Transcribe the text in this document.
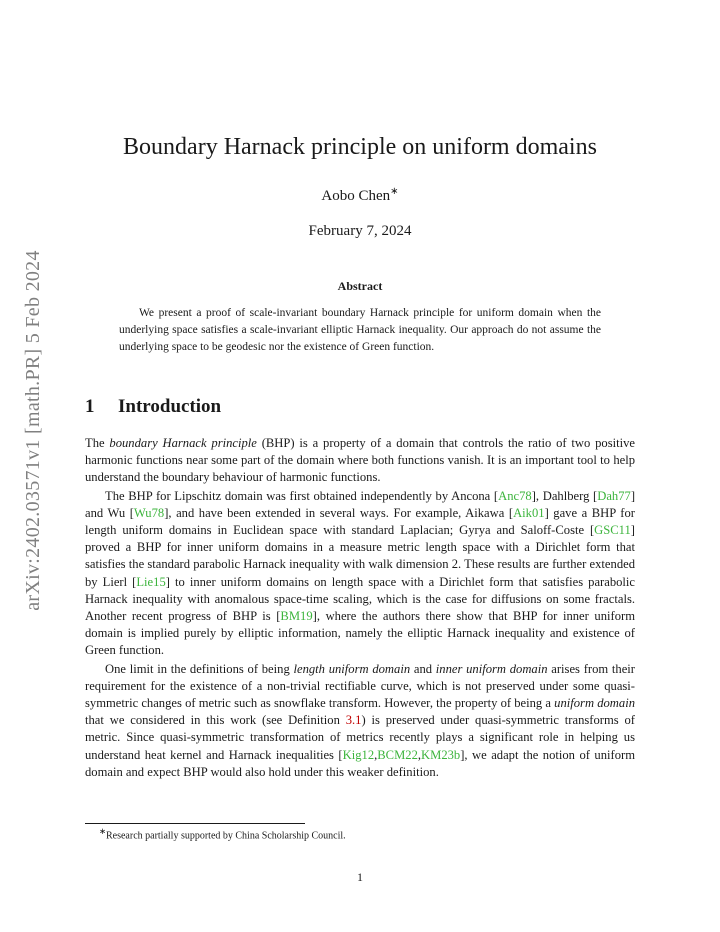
arXiv:2402.03571v1 [math.PR] 5 Feb 2024
Boundary Harnack principle on uniform domains
Aobo Chen∗
February 7, 2024
Abstract
We present a proof of scale-invariant boundary Harnack principle for uniform domain when the underlying space satisfies a scale-invariant elliptic Harnack inequality. Our approach do not assume the underlying space to be geodesic nor the existence of Green function.
1 Introduction

The boundary Harnack principle (BHP) is a property of a domain that controls the ratio of two positive harmonic functions near some part of the domain where both functions vanish. It is an important tool to help understand the boundary behaviour of harmonic functions.

The BHP for Lipschitz domain was first obtained independently by Ancona [Anc78], Dahlberg [Dah77] and Wu [Wu78], and have been extended in several ways. For example, Aikawa [Aik01] gave a BHP for length uniform domains in Euclidean space with standard Laplacian; Gyrya and Saloff-Coste [GSC11] proved a BHP for inner uniform domains in a measure metric length space with a Dirichlet form that satisfies the standard parabolic Harnack inequality with walk dimension 2. These results are further extended by Lierl [Lie15] to inner uniform domains on length space with a Dirichlet form that satisfies parabolic Harnack inequality with anomalous space-time scaling, which is the case for diffusions on some fractals. Another recent progress of BHP is [BM19], where the authors there show that BHP for inner uniform domain is implied purely by elliptic information, namely the elliptic Harnack inequality and existence of Green function.

One limit in the definitions of being length uniform domain and inner uniform domain arises from their requirement for the existence of a non-trivial rectifiable curve, which is not preserved under some quasi-symmetric changes of metric such as snowflake transform. However, the property of being a uniform domain that we considered in this work (see Definition 3.1) is preserved under quasi-symmetric transforms of metric. Since quasi-symmetric transformation of metrics recently plays a significant role in helping us understand heat kernel and Harnack inequalities [Kig12,BCM22,KM23b], we adapt the notion of uniform domain and expect BHP would also hold under this weaker definition.

∗Research partially supported by China Scholarship Council.
1
